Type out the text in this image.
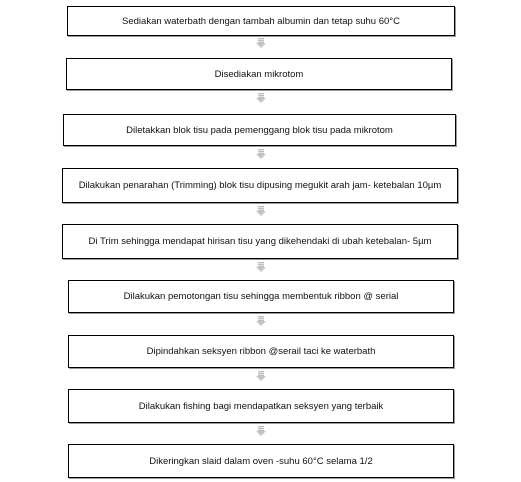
Sediakan waterbath dengan tambah albumin dan tetap suhu 60°C
Disediakan mikrotom
Diletakkan blok tisu pada pemenggang blok tisu pada mikrotom
Dilakukan penarahan (Trimming) blok tisu dipusing megukit arah jam- ketebalan 10µm
Di Trim sehingga mendapat hirisan tisu yang dikehendaki di ubah ketebalan- 5µm
Dilakukan pemotongan tisu sehingga membentuk ribbon @ serial
Dipindahkan seksyen ribbon @serail taci ke waterbath
Dilakukan fishing bagi mendapatkan seksyen yang terbaik
Dikeringkan slaid dalam oven -suhu 60°C selama 1/2
